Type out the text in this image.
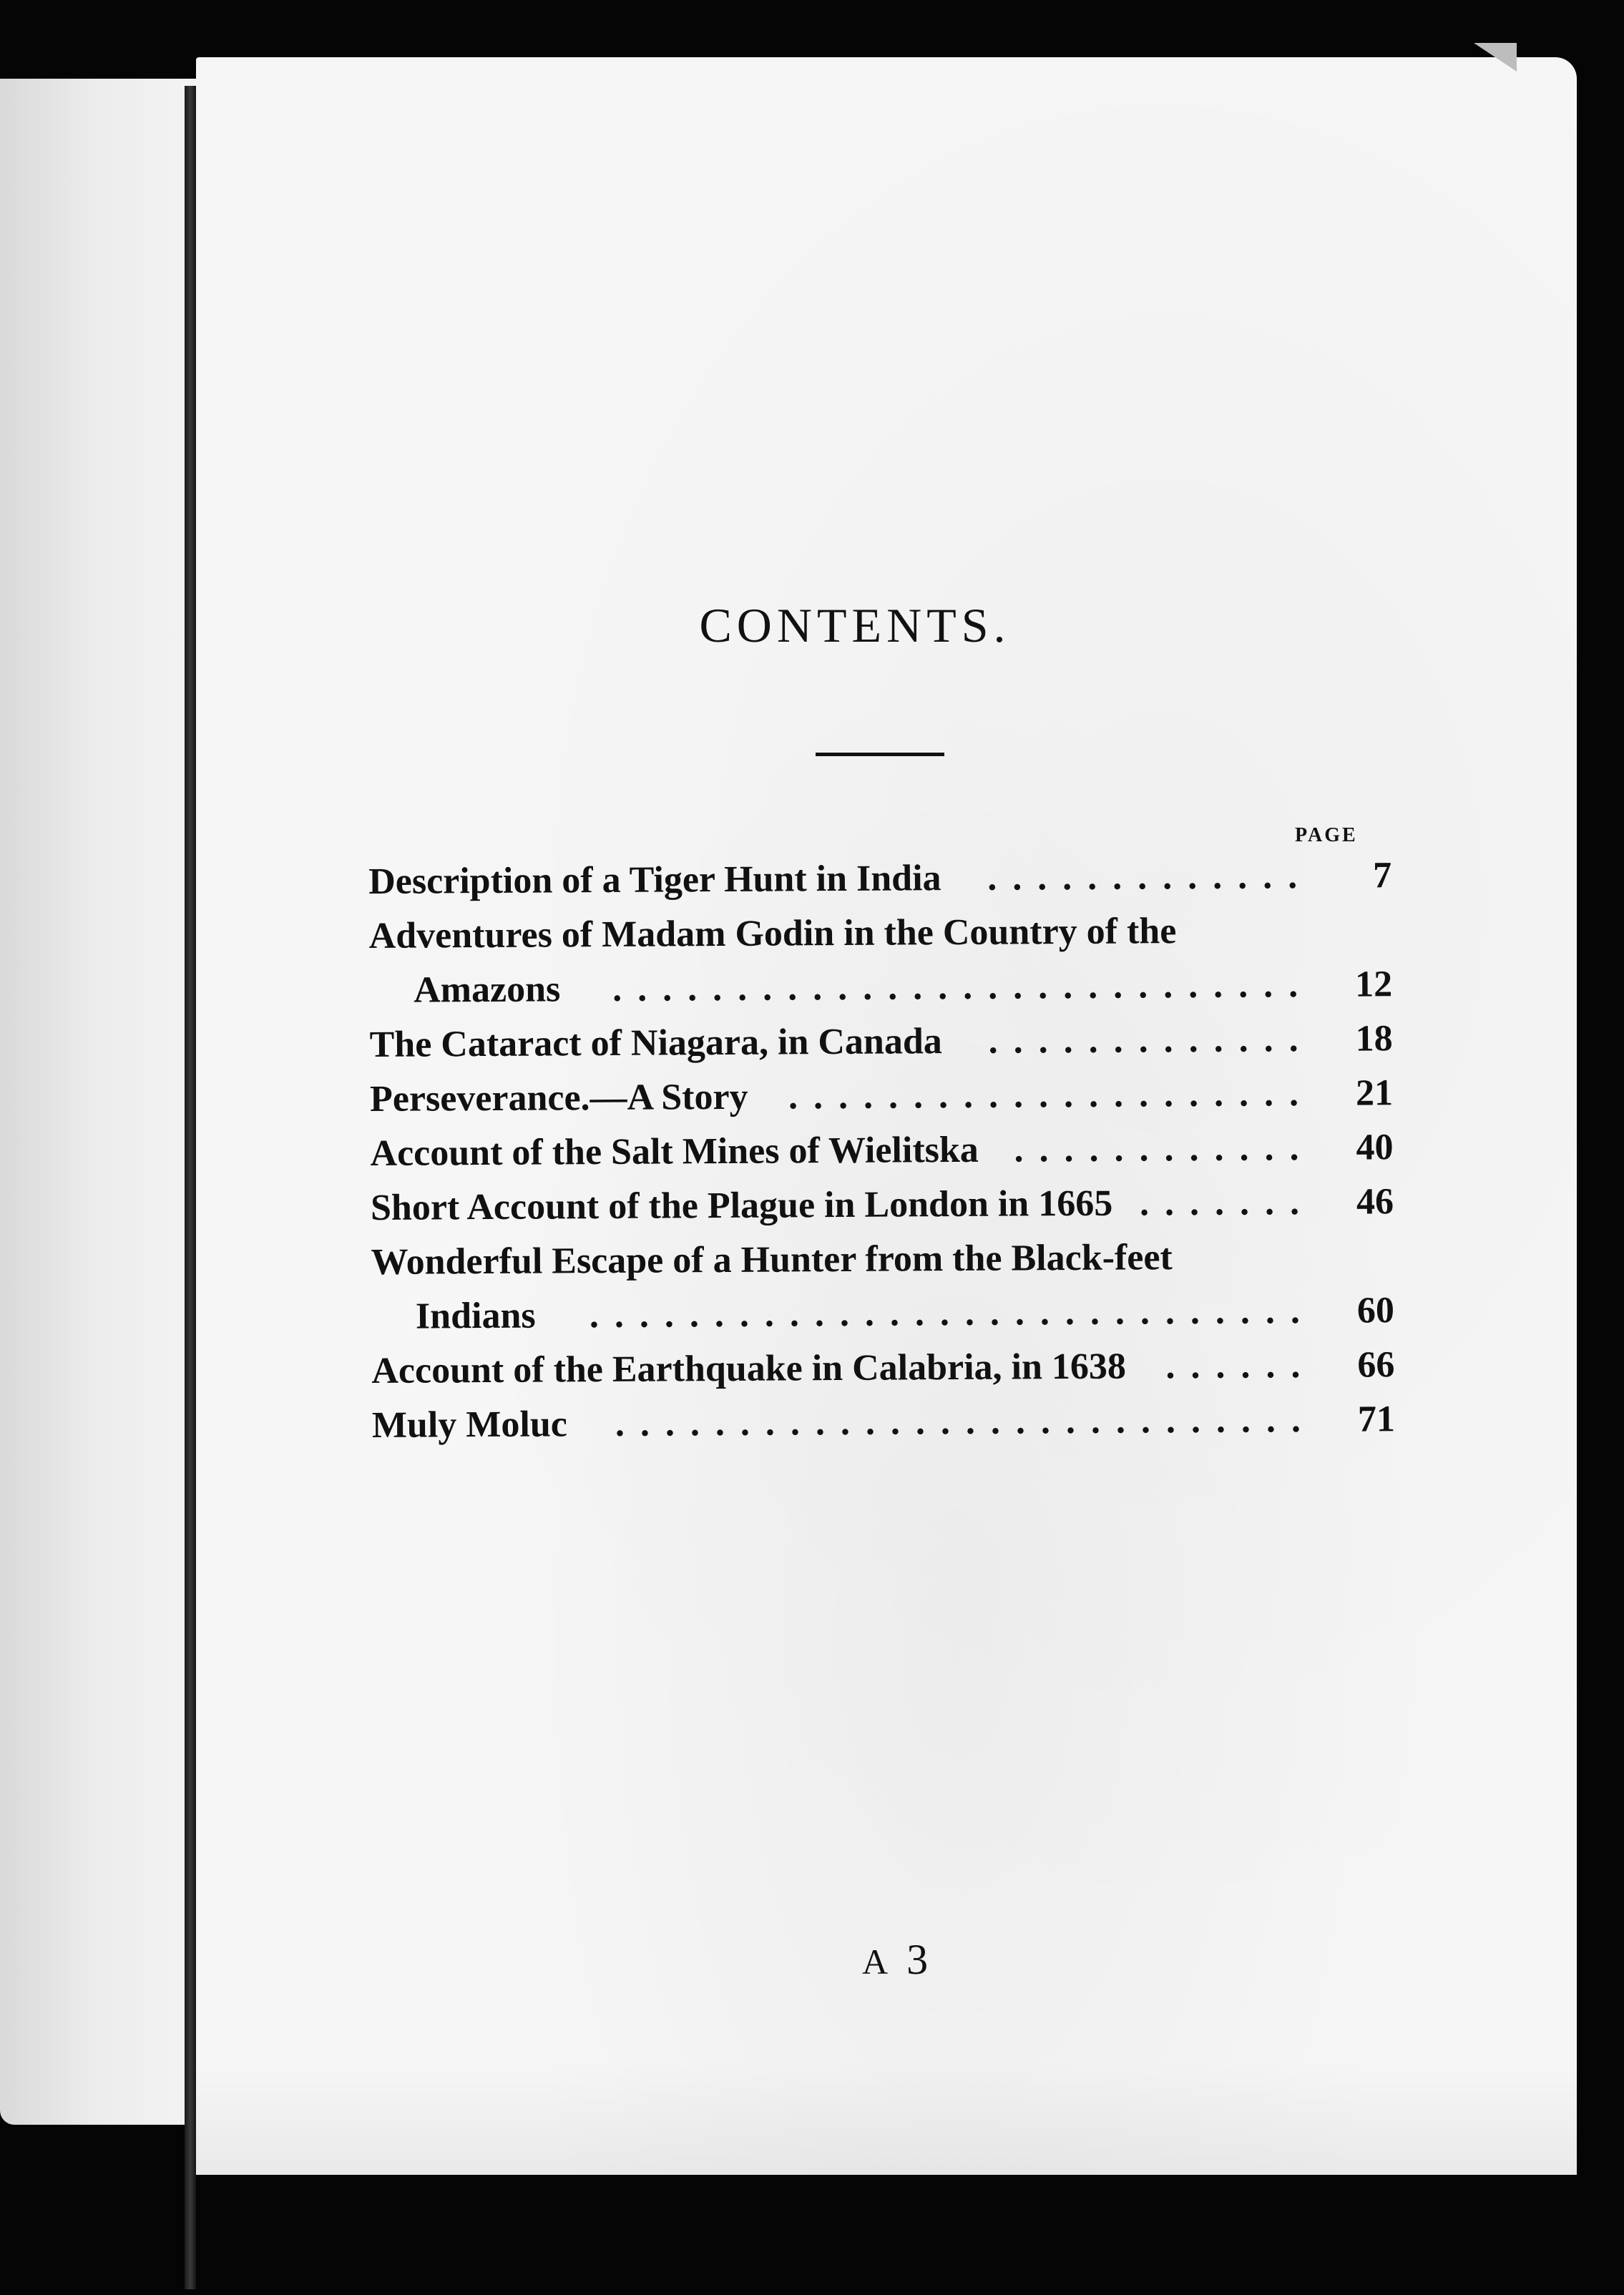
CONTENTS.
PAGE
Description of a Tiger Hunt in India .............	7
Adventures of Madam Godin in the Country of the
Amazons ............................	12
The Cataract of Niagara, in Canada .............	18
Perseverance.—A Story .....................	21
Account of the Salt Mines of Wielitska ............	40
Short Account of the Plague in London in 1665 .......	46
Wonderful Escape of a Hunter from the Black-feet
Indians .............................	60
Account of the Earthquake in Calabria, in 1638 ......	66
Muly Moluc ............................	71
A 3
